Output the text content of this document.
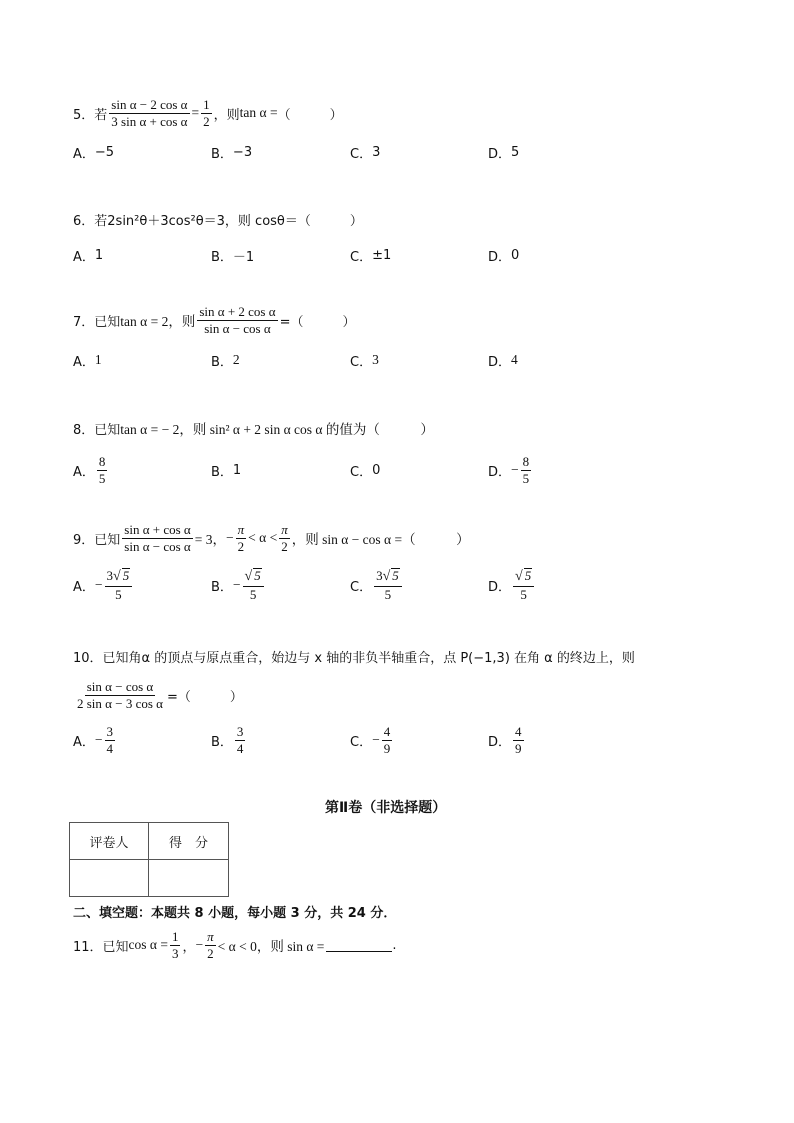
5．若 $\frac{\text{sin α − 2 cos α}}{\text{3 sin α + cos α}} = \frac{1}{2}$ ，则 tan α = （　　　）
A． −5	B． −3	C． 3	D． 5
6．若 2sin²θ＋3cos²θ＝3，则 cosθ＝（　　　）
A． 1	B． －1	C． ±1	D． 0
7．已知 tan α = 2，则 $\frac{\text{sin α + 2 cos α}}{\text{sin α − cos α}}$ =（　　　）
A． 1	B． 2	C． 3	D． 4
8．已知 tan α = − 2，则 sin² α + 2 sin α cos α 的值为（　　　）
A． $\frac{8}{5}$	B． 1	C． 0	D． − $\frac{8}{5}$
9．已知 $\frac{\text{sin α + cos α}}{\text{sin α − cos α}} = 3$， − $\frac{\pi}{2} < \alpha < \frac{\pi}{2}$ ，则 sin α − cos α =（　　　）
A． − $\frac{3√ 5}{5}$	B． − $\frac{√ 5}{5}$	C． $\frac{3√ 5}{5}$	D． $\frac{√ 5}{5}$
10．已知角 α 的顶点与原点重合，始边与 x 轴的非负半轴重合，点 P(−1,3) 在角 α 的终边上，则
$\frac{\text{sin α − cos α}}{\text{2 sin α − 3 cos α}}$ =（　　　）
A． − $\frac{3}{4}$	B． $\frac{3}{4}$	C． − $\frac{4}{9}$	D． $\frac{4}{9}$
第Ⅱ卷（非选择题）
评卷人	得　分

二、填空题：本题共 8 小题，每小题 3 分，共 24 分．
11．已知 $\cos \alpha = \frac{1}{3}$ ， − $\frac{\pi}{2} < \alpha < 0$，则 sin α =	.
